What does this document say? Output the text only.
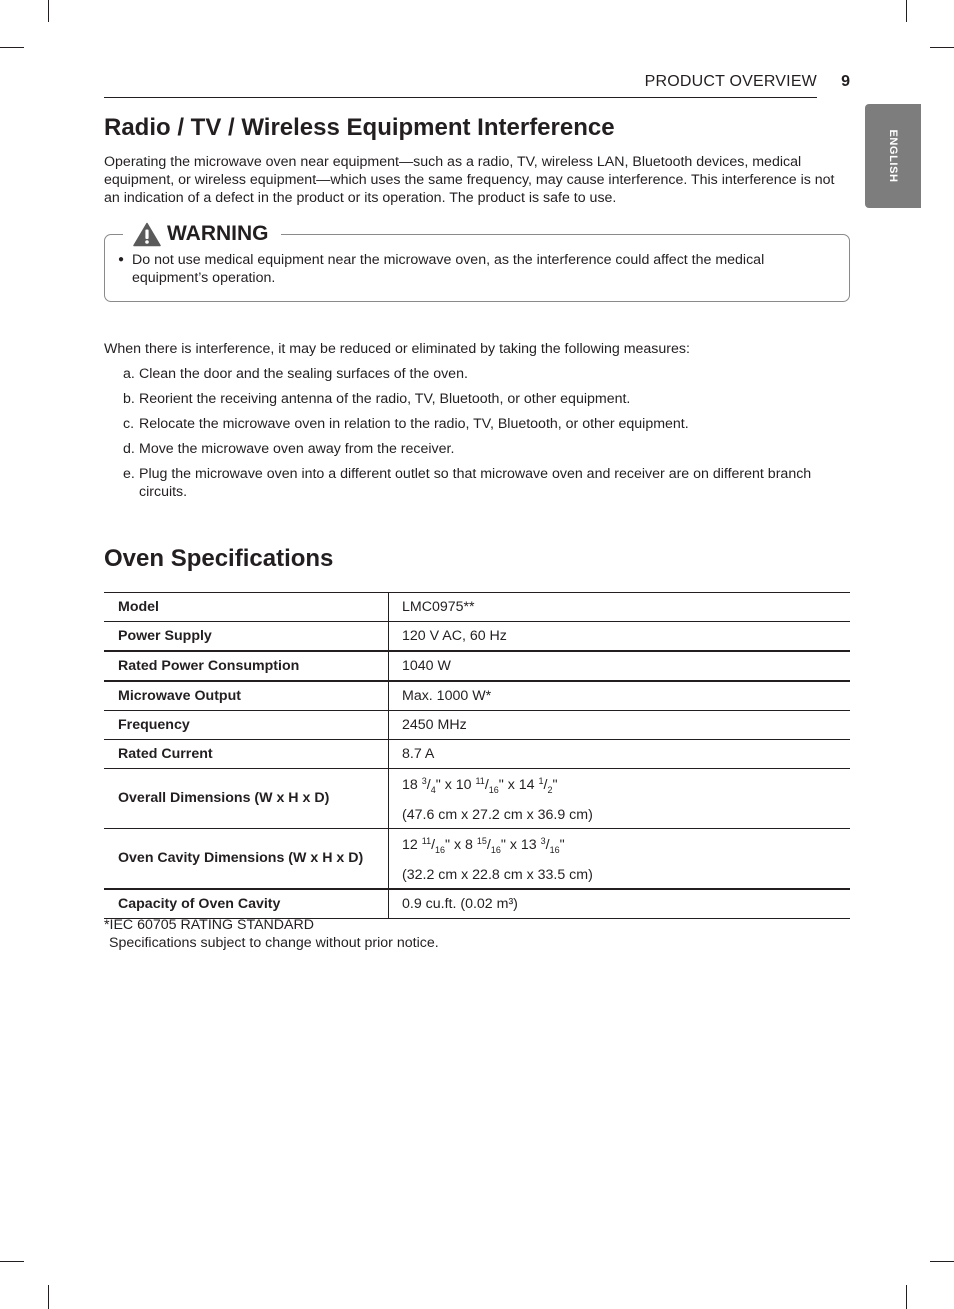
PRODUCT OVERVIEW 9
ENGLISH
Radio / TV / Wireless Equipment Interference
Operating the microwave oven near equipment—such as a radio, TV, wireless LAN, Bluetooth devices, medical equipment, or wireless equipment—which uses the same frequency, may cause interference. This interference is not an indication of a defect in the product or its operation. The product is safe to use.
WARNING
● Do not use medical equipment near the microwave oven, as the interference could affect the medical equipment’s operation.
When there is interference, it may be reduced or eliminated by taking the following measures:
a. Clean the door and the sealing surfaces of the oven.
b. Reorient the receiving antenna of the radio, TV, Bluetooth, or other equipment.
c. Relocate the microwave oven in relation to the radio, TV, Bluetooth, or other equipment.
d. Move the microwave oven away from the receiver.
e. Plug the microwave oven into a different outlet so that microwave oven and receiver are on different branch circuits.
Oven Specifications
Model	LMC0975**
Power Supply	120 V AC, 60 Hz
Rated Power Consumption	1040 W
Microwave Output	Max. 1000 W*
Frequency	2450 MHz
Rated Current	8.7 A
Overall Dimensions (W x H x D)	18 $^3/_4$" x 10 $^{11}/_{16}$" x 14 $^1/_2$"
(47.6 cm x 27.2 cm x 36.9 cm)

Oven Cavity Dimensions (W x H x D)	12 $^{11}/_{16}$" x 8 $^{15}/_{16}$" x 13 $^3/_{16}$"
(32.2 cm x 22.8 cm x 33.5 cm)

Capacity of Oven Cavity	0.9 cu.ft. (0.02 m³)
*IEC 60705 RATING STANDARD
Specifications subject to change without prior notice.
